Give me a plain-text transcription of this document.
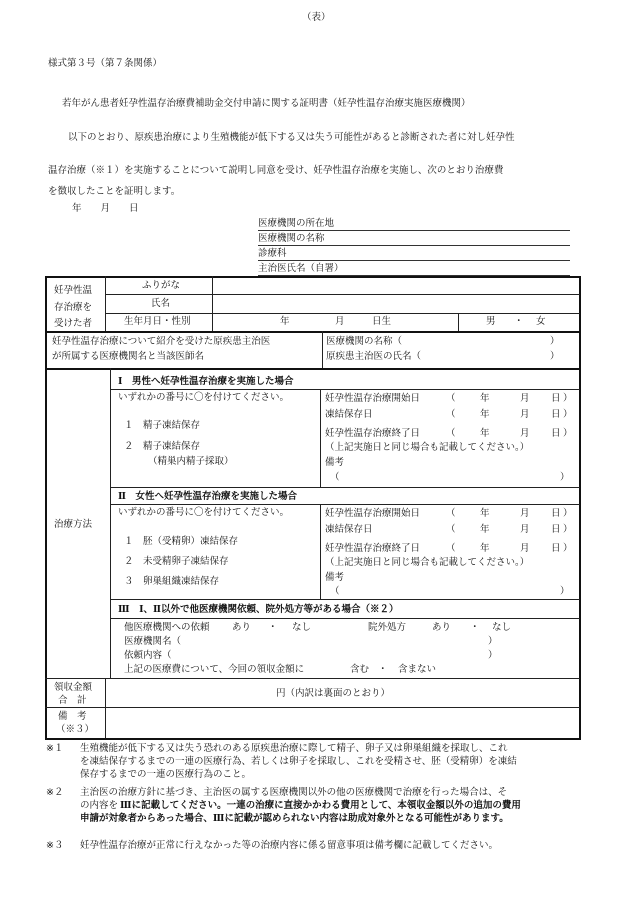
（表）
様式第３号（第７条関係）
若年がん患者妊孕性温存治療費補助金交付申請に関する証明書（妊孕性温存治療実施医療機関）
以下のとおり、原疾患治療により生殖機能が低下する又は失う可能性があると診断された者に対し妊孕性
温存治療（※１）を実施することについて説明し同意を受け、妊孕性温存治療を実施し、次のとおり治療費
を徴収したことを証明します。
年　　月　　日
医療機関の所在地
医療機関の名称
診療科
主治医氏名（自署）
妊孕性温
存治療を
受けた者
ふりがな
氏名
生年月日・性別	年	月	日生	男 ・ 女
妊孕性温存治療について紹介を受けた原疾患主治医
が所属する医療機関名と当該医師名
医療機関の名称（	）
原疾患主治医の氏名（	）
治療方法
Ⅰ　男性へ妊孕性温存治療を実施した場合
いずれかの番号に〇を付けてください。
１　精子凍結保存
２　精子凍結保存
（精巣内精子採取）
妊孕性温存治療開始日	（	年	月 日 ）
凍結保存日	（	年	月 日 ）
妊孕性温存治療終了日	（	年	月 日 ）
（上記実施日と同じ場合も記載してください。）
備考
（	）
Ⅱ　女性へ妊孕性温存治療を実施した場合
いずれかの番号に〇を付けてください。
１　胚（受精卵）凍結保存
２　未受精卵子凍結保存
３　卵巣組織凍結保存
妊孕性温存治療開始日	（	年	月 日 ）
凍結保存日	（	年	月 日 ）
妊孕性温存治療終了日	（	年	月 日 ）
（上記実施日と同じ場合も記載してください。）
備考
（	）
Ⅲ　Ⅰ、Ⅱ以外で他医療機関依頼、院外処方等がある場合（※２）
他医療機関への依頼 あり ・ なし	院外処方	あり ・ なし
医療機関名（	）
依頼内容（	）
上記の医療費について、今回の領収金額に	含む ・ 含まない
領収金額
合　計
円（内訳は裏面のとおり）
備　考
（※３）
※１ 生殖機能が低下する又は失う恐れのある原疾患治療に際して精子、卵子又は卵巣組織を採取し、これ
を凍結保存するまでの一連の医療行為、若しくは卵子を採取し、これを受精させ、胚（受精卵）を凍結
保存するまでの一連の医療行為のこと。
※２ 主治医の治療方針に基づき、主治医の属する医療機関以外の他の医療機関で治療を行った場合は、そ
の内容を Ⅲに記載してください。一連の治療に直接かかわる費用として、本領収金額以外の追加の費用
申請が対象者からあった場合、Ⅲに記載が認められない内容は助成対象外となる可能性があります。
※３ 妊孕性温存治療が正常に行えなかった等の治療内容に係る留意事項は備考欄に記載してください。
